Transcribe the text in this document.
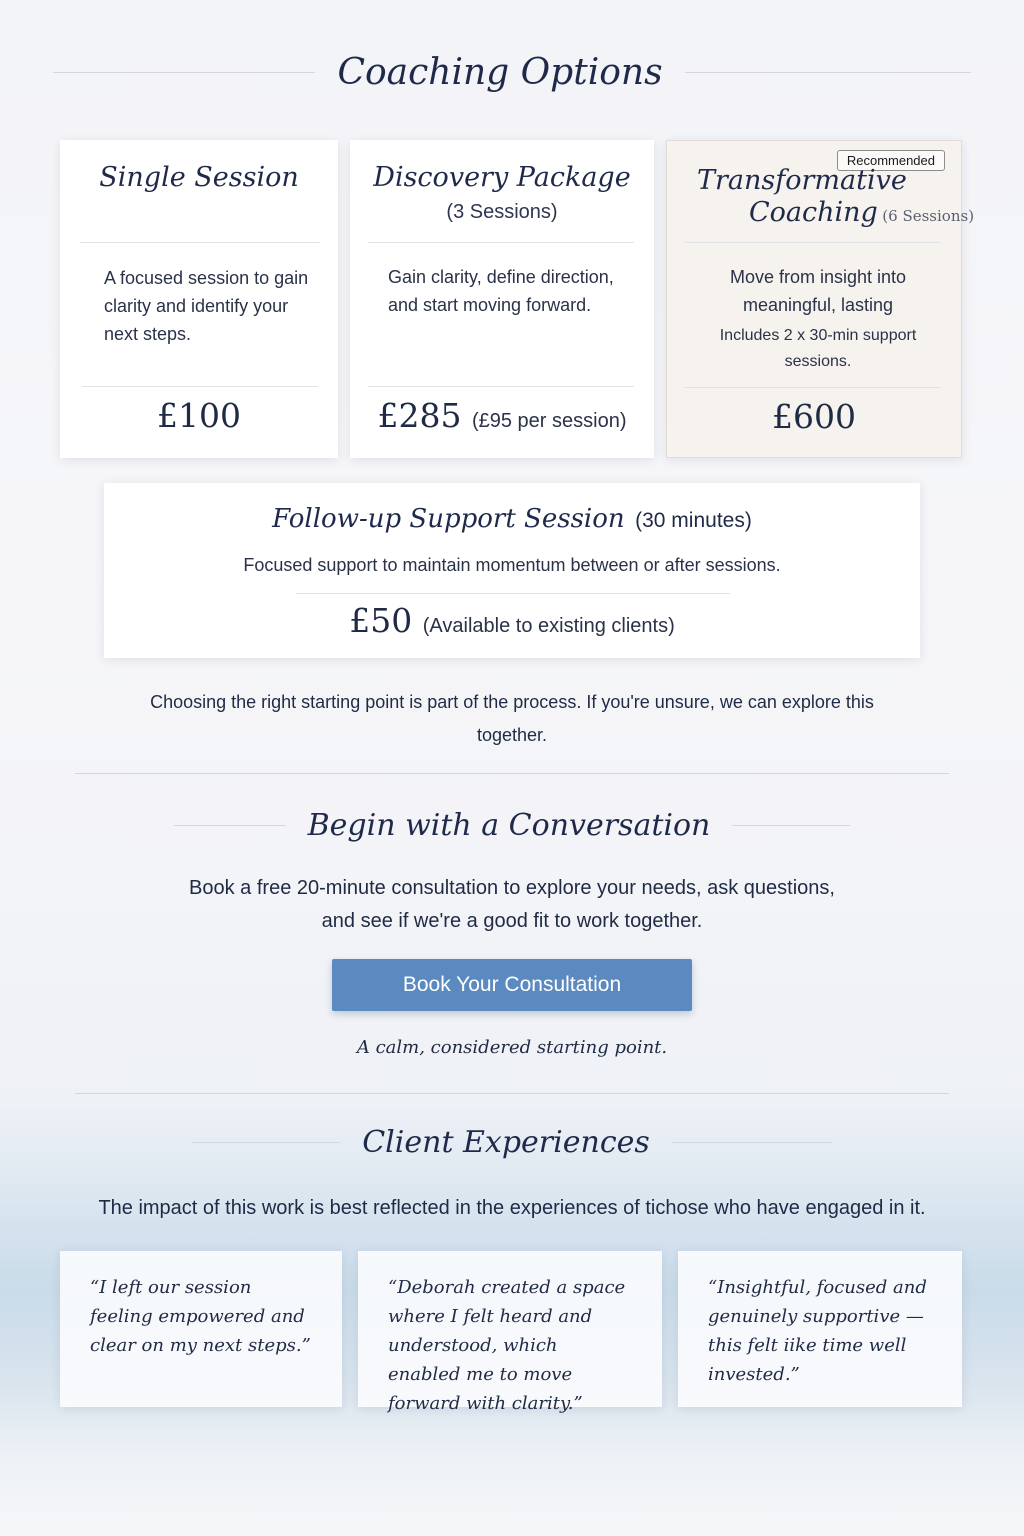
Coaching Options
Single Session
A focused session to gain clarity and identify your next steps.
£100
Discovery Package
(3 Sessions)
Gain clarity, define direction, and start moving forward.
£285 (£95 per session)
Recommended
Transformative
Coaching (6 Sessions)
Move from insight into meaningful, lasting
Includes 2 x 30-min support sessions.
£600
Follow-up Support Session (30 minutes)
Focused support to maintain momentum between or after sessions.
£50 (Available to existing clients)
Choosing the right starting point is part of the process. If you're unsure, we can explore this together.
Begin with a Conversation
Book a free 20-minute consultation to explore your needs, ask questions, and see if we're a good fit to work together.
Book Your Consultation
A calm, considered starting point.
Client Experiences
The impact of this work is best reflected in the experiences of tichose who have engaged in it.
“I left our session feeling empowered and clear on my next steps.”
“Deborah created a space where I felt heard and understood, which enabled me to move forward with clarity.”
“Insightful, focused and genuinely supportive — this felt iike time well invested.”
